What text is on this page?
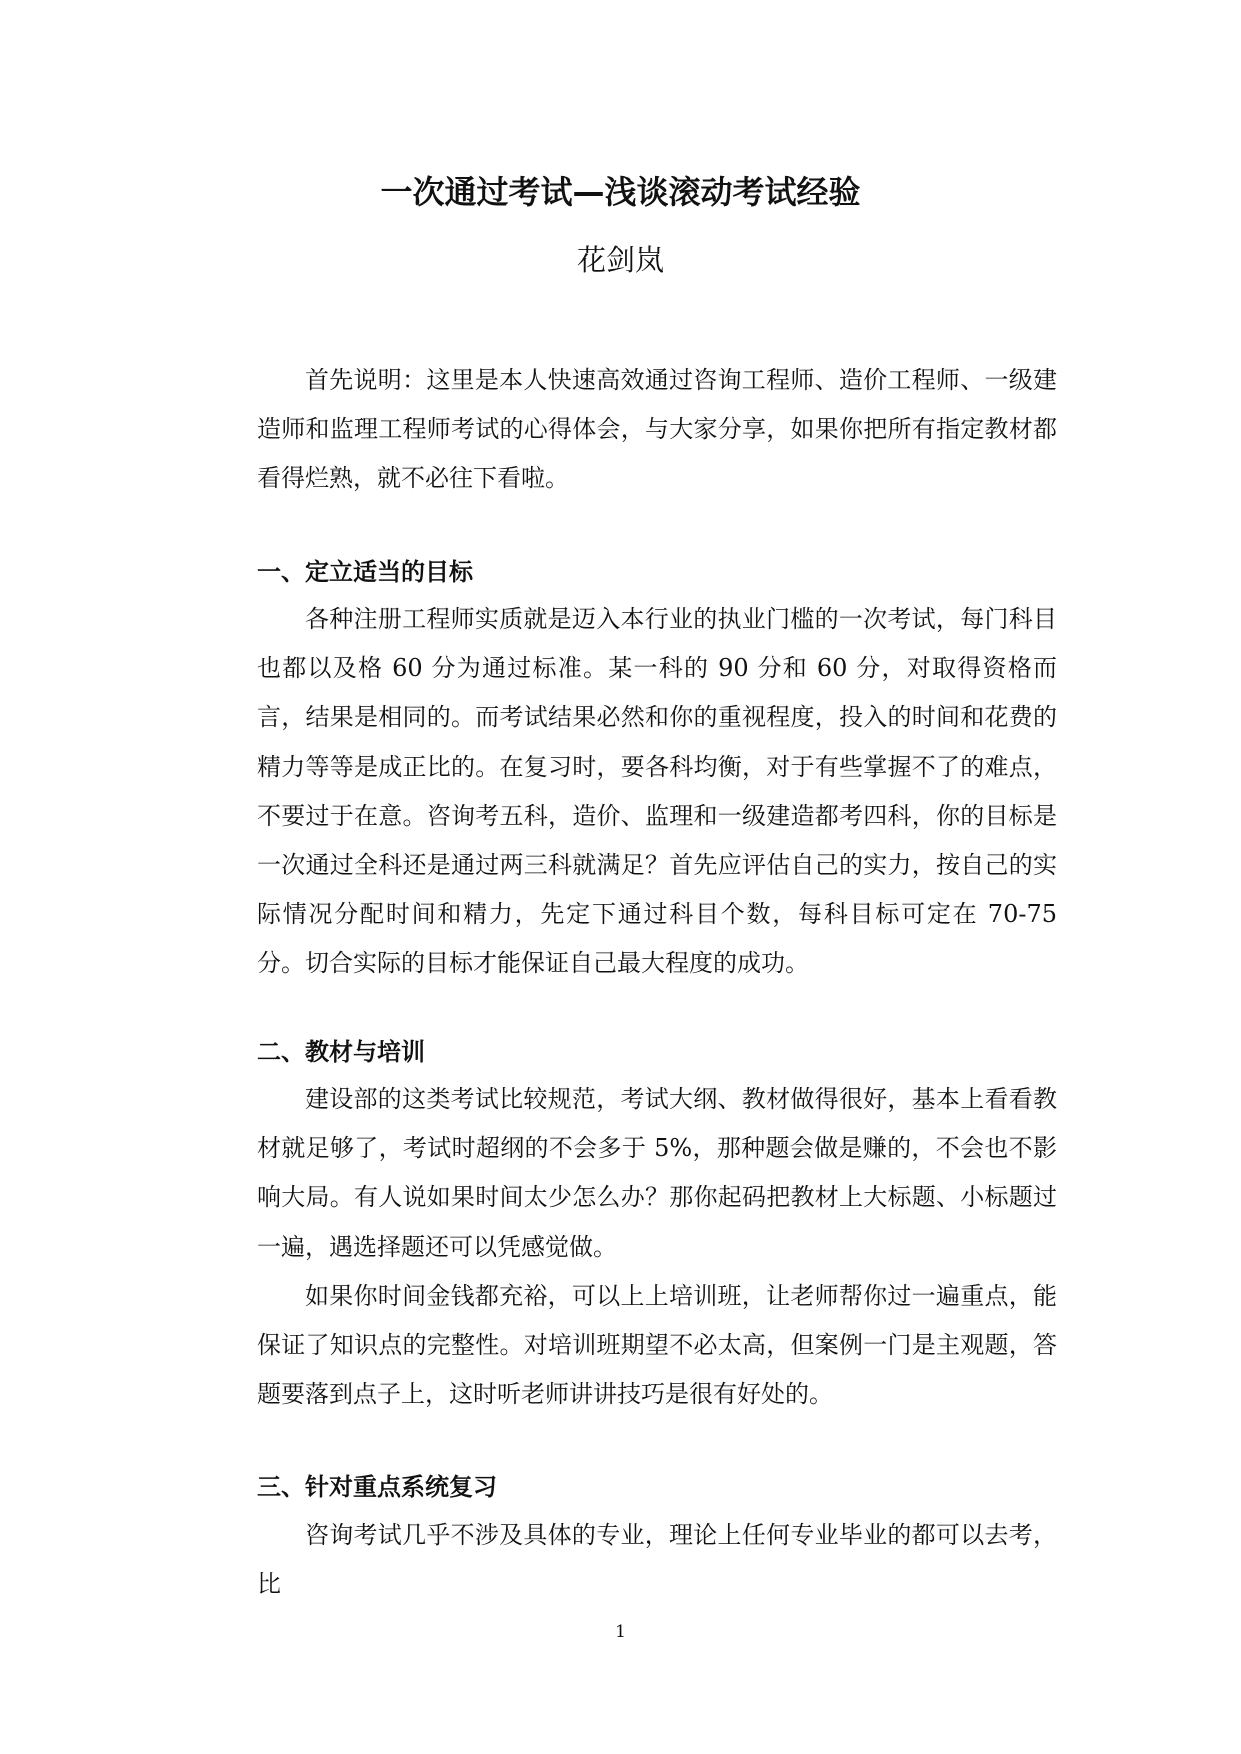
一次通过考试—浅谈滚动考试经验
花剑岚

首先说明：这里是本人快速高效通过咨询工程师、造价工程师、一级建造师和监理工程师考试的心得体会，与大家分享，如果你把所有指定教材都看得烂熟，就不必往下看啦。

一、定立适当的目标

各种注册工程师实质就是迈入本行业的执业门槛的一次考试，每门科目也都以及格 60 分为通过标准。某一科的 90 分和 60 分，对取得资格而言，结果是相同的。而考试结果必然和你的重视程度，投入的时间和花费的精力等等是成正比的。在复习时，要各科均衡，对于有些掌握不了的难点，不要过于在意。咨询考五科，造价、监理和一级建造都考四科，你的目标是一次通过全科还是通过两三科就满足？首先应评估自己的实力，按自己的实际情况分配时间和精力，先定下通过科目个数，每科目标可定在 70-75 分。切合实际的目标才能保证自己最大程度的成功。

二、教材与培训

建设部的这类考试比较规范，考试大纲、教材做得很好，基本上看看教材就足够了，考试时超纲的不会多于 5%，那种题会做是赚的，不会也不影响大局。有人说如果时间太少怎么办？那你起码把教材上大标题、小标题过一遍，遇选择题还可以凭感觉做。

如果你时间金钱都充裕，可以上上培训班，让老师帮你过一遍重点，能保证了知识点的完整性。对培训班期望不必太高，但案例一门是主观题，答题要落到点子上，这时听老师讲讲技巧是很有好处的。

三、针对重点系统复习

咨询考试几乎不涉及具体的专业，理论上任何专业毕业的都可以去考，比

1
